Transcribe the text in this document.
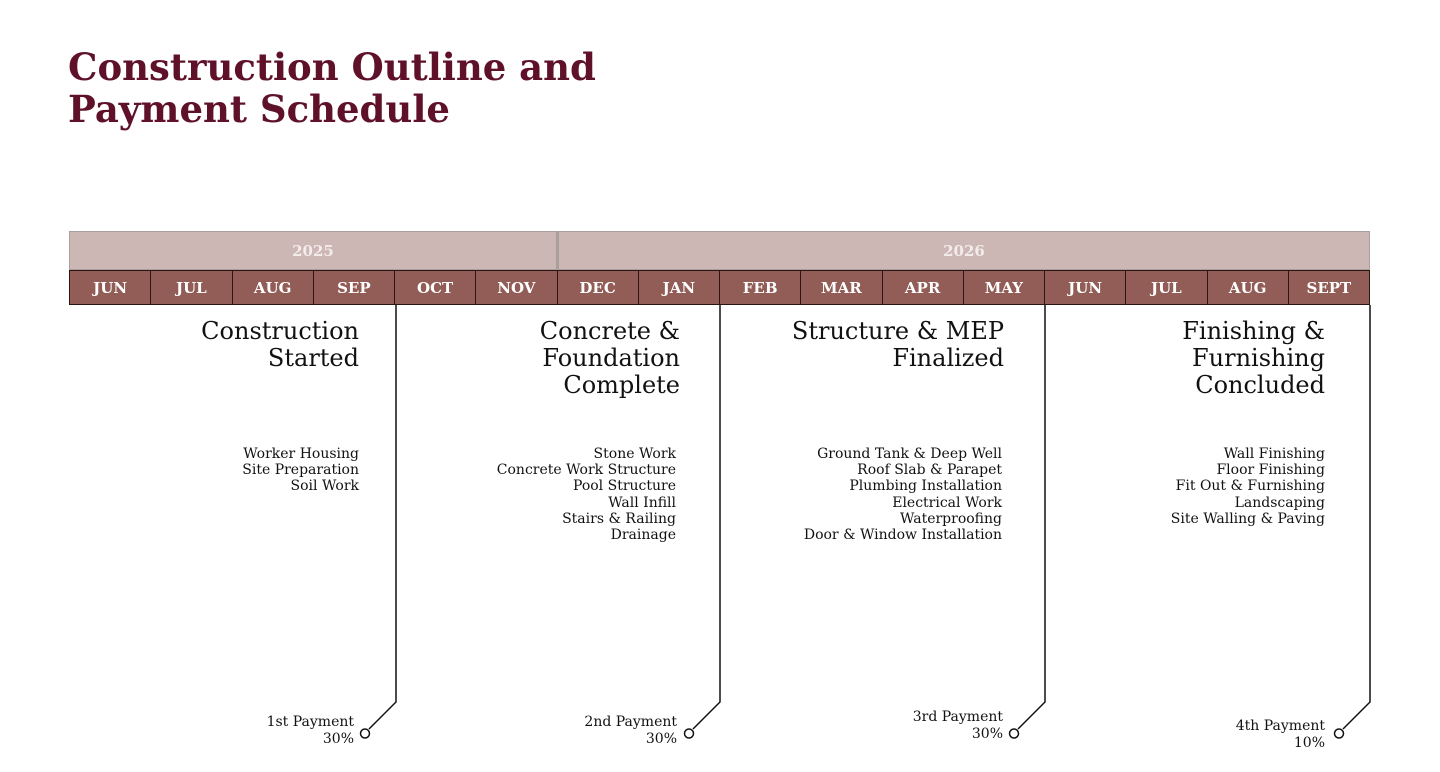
Construction Outline and
Payment Schedule
2025	2026
JUN	JUL	AUG	SEP	OCT	NOV	DEC	JAN	FEB	MAR	APR	MAY	JUN	JUL	AUG	SEPT
Construction
Started
Worker Housing
Site Preparation
Soil Work
1st Payment
30%
Concrete &
Foundation
Complete
Stone Work
Concrete Work Structure
Pool Structure
Wall Infill
Stairs & Railing
Drainage
2nd Payment
30%
Structure & MEP
Finalized
Ground Tank & Deep Well
Roof Slab & Parapet
Plumbing Installation
Electrical Work
Waterproofing
Door & Window Installation
3rd Payment
30%
Finishing &
Furnishing
Concluded
Wall Finishing
Floor Finishing
Fit Out & Furnishing
Landscaping
Site Walling & Paving
4th Payment
10%
